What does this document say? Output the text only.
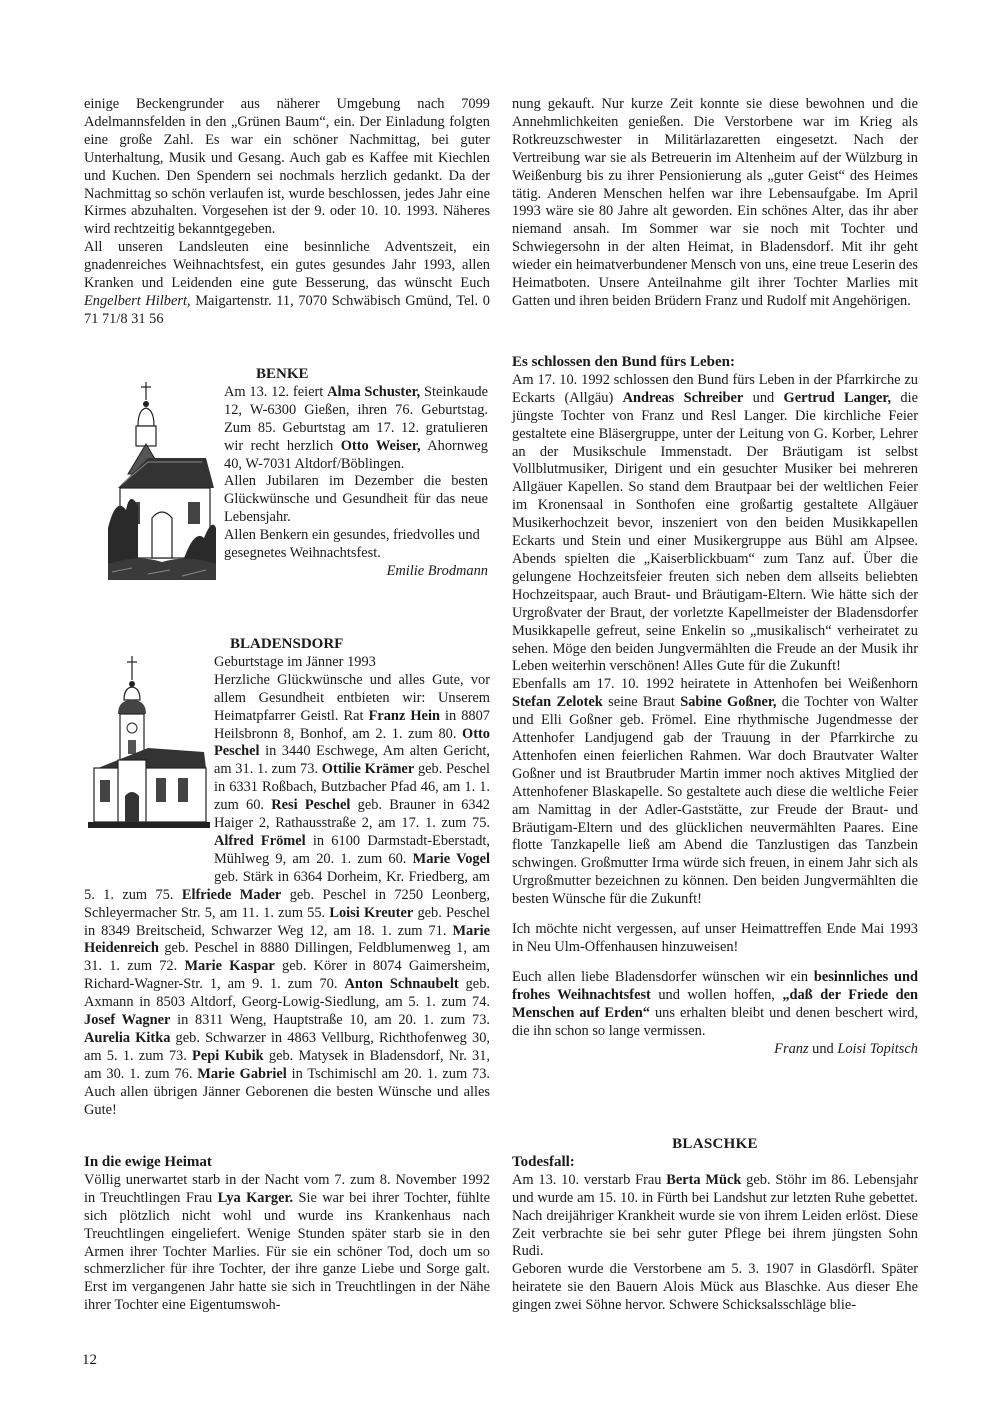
einige Beckengrunder aus näherer Umgebung nach 7099 Adelmannsfelden in den „Grünen Baum“, ein. Der Einladung folgten eine große Zahl. Es war ein schöner Nachmittag, bei guter Unterhaltung, Musik und Gesang. Auch gab es Kaffee mit Kiechlen und Kuchen. Den Spendern sei nochmals herzlich gedankt. Da der Nachmittag so schön verlaufen ist, wurde beschlossen, jedes Jahr eine Kirmes abzuhalten. Vorgesehen ist der 9. oder 10. 10. 1993. Näheres wird rechtzeitig bekanntgegeben.

All unseren Landsleuten eine besinnliche Adventszeit, ein gnadenreiches Weihnachtsfest, ein gutes gesundes Jahr 1993, allen Kranken und Leidenden eine gute Besserung, das wünscht Euch Engelbert Hilbert, Maigartenstr. 11, 7070 Schwäbisch Gmünd, Tel. 0 71 71/8 31 56

BENKE

Am 13. 12. feiert Alma Schuster, Steinkaude 12, W-6300 Gießen, ihren 76. Geburtstag. Zum 85. Geburtstag am 17. 12. gratulieren wir recht herzlich Otto Weiser, Ahornweg 40, W-7031 Altdorf/Böblingen.

Allen Jubilaren im Dezember die besten Glückwünsche und Gesundheit für das neue Lebensjahr.

Allen Benkern ein gesundes, friedvolles und gesegnetes Weihnachtsfest.

Emilie Brodmann

BLADENSDORF

Geburtstage im Jänner 1993

Herzliche Glückwünsche und alles Gute, vor allem Gesundheit entbieten wir: Unserem Heimatpfarrer Geistl. Rat Franz Hein in 8807 Heilsbronn 8, Bonhof, am 2. 1. zum 80. Otto Peschel in 3440 Eschwege, Am alten Gericht, am 31. 1. zum 73. Ottilie Krämer geb. Peschel in 6331 Roßbach, Butzbacher Pfad 46, am 1. 1. zum 60. Resi Peschel geb. Brauner in 6342 Haiger 2, Rathausstraße 2, am 17. 1. zum 75. Alfred Frömel in 6100 Darmstadt-Eberstadt, Mühlweg 9, am 20. 1. zum 60. Marie Vogel geb. Stärk in 6364 Dorheim, Kr. Friedberg, am 5. 1. zum 75. Elfriede Mader geb. Peschel in 7250 Leonberg, Schleyermacher Str. 5, am 11. 1. zum 55. Loisi Kreuter geb. Peschel in 8349 Breitscheid, Schwarzer Weg 12, am 18. 1. zum 71. Marie Heidenreich geb. Peschel in 8880 Dillingen, Feldblumenweg 1, am 31. 1. zum 72. Marie Kaspar geb. Körer in 8074 Gaimersheim, Richard-Wagner-Str. 1, am 9. 1. zum 70. Anton Schnaubelt geb. Axmann in 8503 Altdorf, Georg-Lowig-Siedlung, am 5. 1. zum 74. Josef Wagner in 8311 Weng, Hauptstraße 10, am 20. 1. zum 73. Aurelia Kitka geb. Schwarzer in 4863 Vellburg, Richthofenweg 30, am 5. 1. zum 73. Pepi Kubik geb. Matysek in Bladensdorf, Nr. 31, am 30. 1. zum 76. Marie Gabriel in Tschimischl am 20. 1. zum 73. Auch allen übrigen Jänner Geborenen die besten Wünsche und alles Gute!

In die ewige Heimat

Völlig unerwartet starb in der Nacht vom 7. zum 8. November 1992 in Treuchtlingen Frau Lya Karger. Sie war bei ihrer Tochter, fühlte sich plötzlich nicht wohl und wurde ins Krankenhaus nach Treuchtlingen eingeliefert. Wenige Stunden später starb sie in den Armen ihrer Tochter Marlies. Für sie ein schöner Tod, doch um so schmerzlicher für ihre Tochter, der ihre ganze Liebe und Sorge galt. Erst im vergangenen Jahr hatte sie sich in Treuchtlingen in der Nähe ihrer Tochter eine Eigentumswoh-

nung gekauft. Nur kurze Zeit konnte sie diese bewohnen und die Annehmlichkeiten genießen. Die Verstorbene war im Krieg als Rotkreuzschwester in Militärlazaretten eingesetzt. Nach der Vertreibung war sie als Betreuerin im Altenheim auf der Wülzburg in Weißenburg bis zu ihrer Pensionierung als „guter Geist“ des Heimes tätig. Anderen Menschen helfen war ihre Lebensaufgabe. Im April 1993 wäre sie 80 Jahre alt geworden. Ein schönes Alter, das ihr aber niemand ansah. Im Sommer war sie noch mit Tochter und Schwiegersohn in der alten Heimat, in Bladensdorf. Mit ihr geht wieder ein heimatverbundener Mensch von uns, eine treue Leserin des Heimatboten. Unsere Anteilnahme gilt ihrer Tochter Marlies mit Gatten und ihren beiden Brüdern Franz und Rudolf mit Angehörigen.

Es schlossen den Bund fürs Leben:

Am 17. 10. 1992 schlossen den Bund fürs Leben in der Pfarrkirche zu Eckarts (Allgäu) Andreas Schreiber und Gertrud Langer, die jüngste Tochter von Franz und Resl Langer. Die kirchliche Feier gestaltete eine Bläsergruppe, unter der Leitung von G. Korber, Lehrer an der Musikschule Immenstadt. Der Bräutigam ist selbst Vollblutmusiker, Dirigent und ein gesuchter Musiker bei mehreren Allgäuer Kapellen. So stand dem Brautpaar bei der weltlichen Feier im Kronensaal in Sonthofen eine großartig gestaltete Allgäuer Musikerhochzeit bevor, inszeniert von den beiden Musikkapellen Eckarts und Stein und einer Musikergruppe aus Bühl am Alpsee. Abends spielten die „Kaiserblickbuam“ zum Tanz auf. Über die gelungene Hochzeitsfeier freuten sich neben dem allseits beliebten Hochzeitspaar, auch Braut- und Bräutigam-Eltern. Wie hätte sich der Urgroßvater der Braut, der vorletzte Kapellmeister der Bladensdorfer Musikkapelle gefreut, seine Enkelin so „musikalisch“ verheiratet zu sehen. Möge den beiden Jungvermählten die Freude an der Musik ihr Leben weiterhin verschönen! Alles Gute für die Zukunft!

Ebenfalls am 17. 10. 1992 heiratete in Attenhofen bei Weißenhorn Stefan Zelotek seine Braut Sabine Goßner, die Tochter von Walter und Elli Goßner geb. Frömel. Eine rhythmische Jugendmesse der Attenhofer Landjugend gab der Trauung in der Pfarrkirche zu Attenhofen einen feierlichen Rahmen. War doch Brautvater Walter Goßner und ist Brautbruder Martin immer noch aktives Mitglied der Attenhofener Blaskapelle. So gestaltete auch diese die weltliche Feier am Namittag in der Adler-Gaststätte, zur Freude der Braut- und Bräutigam-Eltern und des glücklichen neuvermählten Paares. Eine flotte Tanzkapelle ließ am Abend die Tanzlustigen das Tanzbein schwingen. Großmutter Irma würde sich freuen, in einem Jahr sich als Urgroßmutter bezeichnen zu können. Den beiden Jungvermählten die besten Wünsche für die Zukunft!

Ich möchte nicht vergessen, auf unser Heimattreffen Ende Mai 1993 in Neu Ulm-Offenhausen hinzuweisen!

Euch allen liebe Bladensdorfer wünschen wir ein besinnliches und frohes Weihnachtsfest und wollen hoffen, „daß der Friede den Menschen auf Erden“ uns erhalten bleibt und denen beschert wird, die ihn schon so lange vermissen.

Franz und Loisi Topitsch

BLASCHKE

Todesfall:

Am 13. 10. verstarb Frau Berta Mück geb. Stöhr im 86. Lebensjahr und wurde am 15. 10. in Fürth bei Landshut zur letzten Ruhe gebettet. Nach dreijähriger Krankheit wurde sie von ihrem Leiden erlöst. Diese Zeit verbrachte sie bei sehr guter Pflege bei ihrem jüngsten Sohn Rudi.

Geboren wurde die Verstorbene am 5. 3. 1907 in Glasdörfl. Später heiratete sie den Bauern Alois Mück aus Blaschke. Aus dieser Ehe gingen zwei Söhne hervor. Schwere Schicksalsschläge blie-

12
